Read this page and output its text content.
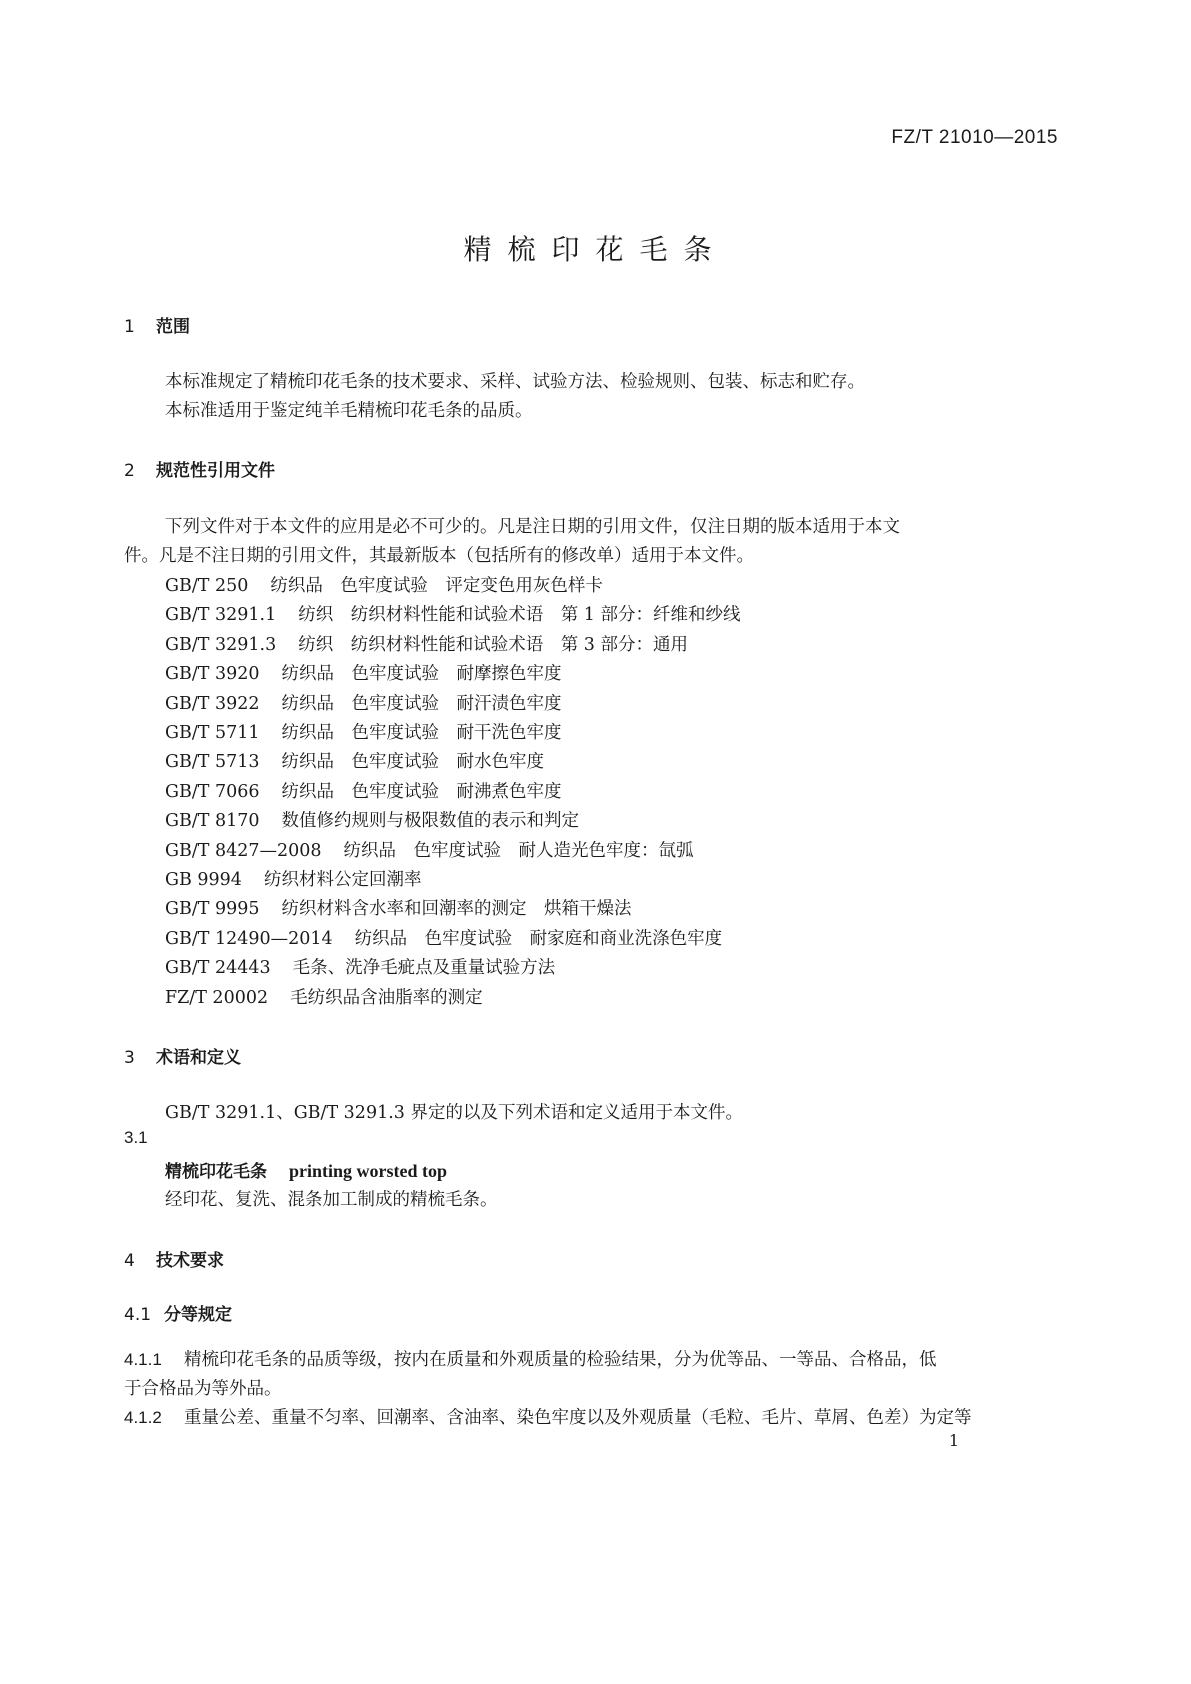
FZ/T 21010—2015
精梳印花毛条
1 范围
本标准规定了精梳印花毛条的技术要求、采样、试验方法、检验规则、包装、标志和贮存。
本标准适用于鉴定纯羊毛精梳印花毛条的品质。
2 规范性引用文件
下列文件对于本文件的应用是必不可少的。凡是注日期的引用文件，仅注日期的版本适用于本文
件。凡是不注日期的引用文件，其最新版本（包括所有的修改单）适用于本文件。
GB/T 250 纺织品　色牢度试验　评定变色用灰色样卡
GB/T 3291.1 纺织　纺织材料性能和试验术语　第 1 部分：纤维和纱线
GB/T 3291.3 纺织　纺织材料性能和试验术语　第 3 部分：通用
GB/T 3920 纺织品　色牢度试验　耐摩擦色牢度
GB/T 3922 纺织品　色牢度试验　耐汗渍色牢度
GB/T 5711 纺织品　色牢度试验　耐干洗色牢度
GB/T 5713 纺织品　色牢度试验　耐水色牢度
GB/T 7066 纺织品　色牢度试验　耐沸煮色牢度
GB/T 8170 数值修约规则与极限数值的表示和判定
GB/T 8427—2008 纺织品　色牢度试验　耐人造光色牢度：氙弧
GB 9994 纺织材料公定回潮率
GB/T 9995 纺织材料含水率和回潮率的测定　烘箱干燥法
GB/T 12490—2014 纺织品　色牢度试验　耐家庭和商业洗涤色牢度
GB/T 24443 毛条、洗净毛疵点及重量试验方法
FZ/T 20002 毛纺织品含油脂率的测定
3 术语和定义
GB/T 3291.1、GB/T 3291.3 界定的以及下列术语和定义适用于本文件。
3.1
精梳印花毛条 printing worsted top
经印花、复洗、混条加工制成的精梳毛条。
4 技术要求
4.1 分等规定
4.1.1 精梳印花毛条的品质等级，按内在质量和外观质量的检验结果，分为优等品、一等品、合格品，低
于合格品为等外品。
4.1.2 重量公差、重量不匀率、回潮率、含油率、染色牢度以及外观质量（毛粒、毛片、草屑、色差）为定等
1
